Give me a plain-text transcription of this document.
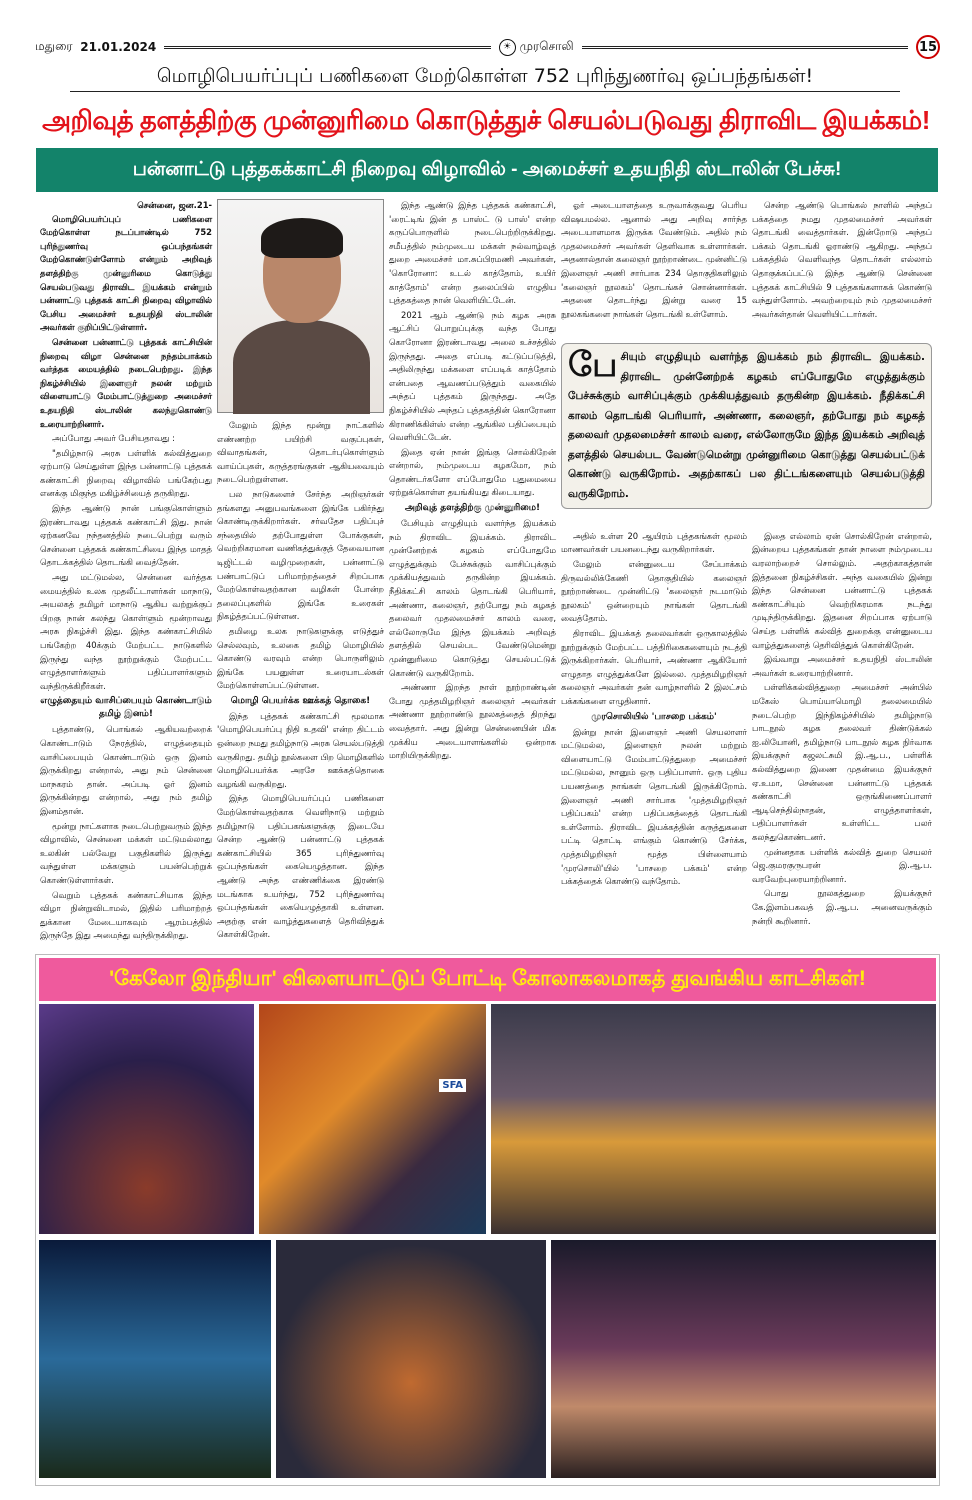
மதுரை
21.01.2024	☀ முரசொலி	15
மொழிபெயர்ப்புப் பணிகளை மேற்கொள்ள 752 புரிந்துணர்வு ஒப்பந்தங்கள்!
அறிவுத் தளத்திற்கு முன்னுரிமை கொடுத்துச் செயல்படுவது திராவிட இயக்கம்!
பன்னாட்டு புத்தகக்காட்சி நிறைவு விழாவில் - அமைச்சர் உதயநிதி ஸ்டாலின் பேச்சு!
சென்னை, ஜன.21-

மொழிபெயர்ப்புப் பணிகளை மேற்கொள்ள நடப்பாண்டில் 752 புரிந்துணர்வு ஒப்பந்தங்கள் மேற்கொண்டுள்ளோம் என்றும் அறிவுத் தளத்திற்கு முன்னுரிமை கொடுத்து செயல்படுவது திராவிட இயக்கம் என்றும் பன்னாட்டு புத்தகக் காட்சி நிறைவு விழாவில் பேசிய அமைச்சர் உதயநிதி ஸ்டாலின் அவர்கள் குறிப்பிட்டுள்ளார்.

சென்னை பன்னாட்டு புத்தகக் காட்சியின் நிறைவு விழா சென்னை நந்தம்பாக்கம் வர்த்தக மையத்தில் நடைபெற்றது. இந்த நிகழ்ச்சியில் இளைஞர் நலன் மற்றும் விளையாட்டு மேம்பாட்டுத்துறை அமைச்சர் உதயநிதி ஸ்டாலின் கலந்துகொண்டு உரையாற்றினார்.

அப்போது அவர் பேசியதாவது :

"தமிழ்நாடு அரசு பள்ளிக் கல்வித்துறை ஏற்பாடு செய்துள்ள இந்த பன்னாட்டு புத்தகக் கண்காட்சி நிறைவு விழாவில் பங்கேற்பது எனக்கு மிகுந்த மகிழ்ச்சியைத் தருகிறது.

இந்த ஆண்டு நான் பங்குகொள்ளும் இரண்டாவது புத்தகக் கண்காட்சி இது. நான் ஏற்கனவே நந்தனத்தில் நடைபெற்று வரும் சென்னை புத்தகக் கண்காட்சியை இந்த மாதத் தொடக்கத்தில் தொடங்கி வைத்தேன்.

அது மட்டுமல்ல, சென்னை வர்த்தக மையத்தில் உலக முதலீட்டாளர்கள் மாநாடு, அயலகத் தமிழர் மாநாடு ஆகிய வற்றுக்குப் பிறகு நான் கலந்து கொள்ளும் மூன்றாவது அரசு நிகழ்ச்சி இது. இந்த கண்காட்சியில் பங்கேற்ற 40க்கும் மேற்பட்ட நாடுகளில் இருந்து வந்த நூற்றுக்கும் மேற்பட்ட எழுத்தாளர்களும் பதிப்பாளர்களும் வந்திருக்கிறீர்கள்.

எழுத்தையும் வாசிப்பையும் கொண்டாடும் தமிழ் இனம்!

புத்தாண்டு, பொங்கல் ஆகியவற்றைக் கொண்டாடும் நேரத்தில், எழுத்தையும் வாசிப்பையும் கொண்டாடும் ஒரு இனம் இருக்கிறது என்றால், அது நம் சென்னை மாநகரம் தான். அப்படி ஓர் இனம் இருக்கின்றது என்றால், அது நம் தமிழ் இனம்தான்.

மூன்று நாட்களாக நடைபெற்றுவரும் இந்த விழாவில், சென்னை மக்கள் மட்டுமல்லாது உலகின் பல்வேறு பகுதிகளில் இருந்து வந்துள்ள மக்களும் பயன்பெற்றுக் கொண்டுள்ளார்கள்.

வெறும் புத்தகக் கண்காட்சியாக இந்த விழா நின்றுவிடாமல், இதில் பரிமாற்றத் துக்கான மேடையாகவும் ஆரம்பத்தில் இருந்தே இது அமைந்து வந்திருக்கிறது.

மேலும் இந்த மூன்று நாட்களில் எண்ணற்ற பயிற்சி வகுப்புகள், விவாதங்கள், தொடர்புகொள்ளும் வாய்ப்புகள், கருத்தரங்குகள் ஆகியவையும் நடைபெற்றுள்ளன.

பல நாடுகளைச் சேர்ந்த அறிஞர்கள் தங்களது அனுபவங்களை இங்கே பகிர்ந்து கொண்டிருக்கிறார்கள். சர்வதேச பதிப்புச் சந்தையில் தற்போதுள்ள போக்குகள், வெற்றிகரமான வணிகத்துக்குத் தேவையான டிஜிட்டல் வழிமுறைகள், பன்னாட்டு பண்பாட்டுப் பரிமாற்றத்தைச் சிறப்பாக மேற்கொள்வதற்கான வழிகள் போன்ற தலைப்புகளில் இங்கே உரைகள் நிகழ்த்தப்பட்டுள்ளன.

தமிழை உலக நாடுகளுக்கு எடுத்துச் செல்லவும், உலகை தமிழ் மொழியில் கொண்டு வரவும் என்ற பொருளிலும் இங்கே பயனுள்ள உரையாடல்கள் மேற்கொள்ளப்பட்டுள்ளன.

மொழி பெயர்க்க ஊக்கத் தொகை!

இந்த புத்தகக் கண்காட்சி மூலமாக 'மொழிபெயர்ப்பு நிதி உதவி' என்ற திட்டம் ஒன்றை நமது தமிழ்நாடு அரசு செயல்படுத்தி வருகிறது. தமிழ் நூல்களை பிற மொழிகளில் மொழிபெயர்க்க அரசே ஊக்கத்தொகை வழங்கி வருகிறது.

இந்த மொழிபெயர்ப்புப் பணிகளை மேற்கொள்வதற்காக வெளிநாடு மற்றும் தமிழ்நாடு பதிப்பகங்களுக்கு இடையே சென்ற ஆண்டு பன்னாட்டு புத்தகக் கண்காட்சியில் 365 புரிந்துணர்வு ஒப்பந்தங்கள் கையெழுத்தான. இந்த ஆண்டு அந்த எண்ணிக்கை இரண்டு மடங்காக உயர்ந்து, 752 புரிந்துணர்வு ஒப்பந்தங்கள் கையெழுத்தாகி உள்ளன. அதற்கு என் வாழ்த்துகளைத் தெரிவித்துக் கொள்கிறேன்.

இந்த ஆண்டு இந்த புத்தகக் கண்காட்சி, 'ரைட்டிங் இன் த பாஸ்ட் டு பாஸ்' என்ற கருப்பொருளில் நடைபெற்றிருக்கிறது. சமீபத்தில் நம்முடைய மக்கள் நல்வாழ்வுத் துறை அமைச்சர் மா.சுப்பிரமணி அவர்கள், 'கொரோனா: உடல் காத்தோம், உயிர் காத்தோம்' என்ற தலைப்பில் எழுதிய புத்தகத்தை நான் வெளியிட்டேன்.

2021 ஆம் ஆண்டு நம் கழக அரசு ஆட்சிப் பொறுப்புக்கு வந்த போது கொரோனா இரண்டாவது அலை உச்சத்தில் இருந்தது. அதை எப்படி கட்டுப்படுத்தி, அதிலிருந்து மக்களை எப்படிக் காத்தோம் என்பதை ஆவணப்படுத்தும் வகையில் அந்தப் புத்தகம் இருந்தது. அதே நிகழ்ச்சியில் அந்தப் புத்தகத்தின் கொரோனா கிராணிக்கிள்ஸ் என்ற ஆங்கில பதிப்பையும் வெளியிட்டேன்.

இதை ஏன் நான் இங்கு சொல்கிறேன் என்றால், நம்முடைய கழகமோ, நம் தொண்டர்களோ எப்போதுமே புதுமையை ஏற்றுக்கொள்ள தயங்கியது கிடையாது.

அறிவுத் தளத்திற்கு முன்னுரிமை!

பேசியும் எழுதியும் வளர்ந்த இயக்கம் நம் திராவிட இயக்கம். திராவிட முன்னேற்றக் கழகம் எப்போதுமே எழுத்துக்கும் பேச்சுக்கும் வாசிப்புக்கும் முக்கியத்துவம் தருகின்ற இயக்கம். நீதிக்கட்சி காலம் தொடங்கி பெரியார், அண்ணா, கலைஞர், தற்போது நம் கழகத் தலைவர் முதலமைச்சர் காலம் வரை, எல்லோருமே இந்த இயக்கம் அறிவுத் தளத்தில் செயல்பட வேண்டுமென்று முன்னுரிமை கொடுத்து செயல்பட்டுக் கொண்டு வருகிறோம்.

அண்ணா இறந்த நாள் நூற்றாண்டின் போது முத்தமிழறிஞர் கலைஞர் அவர்கள் அண்ணா நூற்றாண்டு நூலகத்தைத் திறந்து வைத்தார். அது இன்று சென்னையின் மிக முக்கிய அடையாளங்களில் ஒன்றாக மாறியிருக்கிறது.

ஓர் அடையாளத்தை உருவாக்குவது பெரிய விஷயமல்ல. ஆனால் அது அறிவு சார்ந்த அடையாளமாக இருக்க வேண்டும். அதில் நம் முதலமைச்சர் அவர்கள் தெளிவாக உள்ளார்கள். அதனால்தான் கலைஞர் நூற்றாண்டை முன்னிட்டு இளைஞர் அணி சார்பாக 234 தொகுதிகளிலும் 'கலைஞர் நூலகம்' தொடங்கச் சொன்னார்கள். அதனை தொடர்ந்து இன்று வரை 15 நூலகங்களை நாங்கள் தொடங்கி உள்ளோம்.

சென்ற ஆண்டு பொங்கல் நாளில் அந்தப் பக்கத்தை நமது முதலமைச்சர் அவர்கள் தொடங்கி வைத்தார்கள். இன்றோடு அந்தப் பக்கம் தொடங்கி ஓராண்டு ஆகிறது. அந்தப் பக்கத்தில் வெளிவந்த தொடர்கள் எல்லாம் தொகுக்கப்பட்டு இந்த ஆண்டு சென்னை புத்தகக் காட்சியில் 9 புத்தகங்களாகக் கொண்டு வந்துள்ளோம். அவற்றையும் நம் முதலமைச்சர் அவர்கள்தான் வெளியிட்டார்கள்.

பேசியும் எழுதியும் வளர்ந்த இயக்கம் நம் திராவிட இயக்கம். திராவிட முன்னேற்றக் கழகம் எப்போதுமே எழுத்துக்கும் பேச்சுக்கும் வாசிப்புக்கும் முக்கியத்துவம் தருகின்ற இயக்கம். நீதிக்கட்சி காலம் தொடங்கி பெரியார், அண்ணா, கலைஞர், தற்போது நம் கழகத் தலைவர் முதலமைச்சர் காலம் வரை, எல்லோருமே இந்த இயக்கம் அறிவுத் தளத்தில் செயல்பட வேண்டுமென்று முன்னுரிமை கொடுத்து செயல்பட்டுக் கொண்டு வருகிறோம். அதற்காகப் பல திட்டங்களையும் செயல்படுத்தி வருகிறோம்.

அதில் உள்ள 20 ஆயிரம் புத்தகங்கள் மூலம் மாணவர்கள் பயனடைந்து வருகிறார்கள்.

மேலும் என்னுடைய சேப்பாக்கம் திருவல்லிக்கேணி தொகுதியில் கலைஞர் நூற்றாண்டை முன்னிட்டு 'கலைஞர் நடமாடும் நூலகம்' ஒன்றையும் நாங்கள் தொடங்கி வைத்தோம்.

திராவிட இயக்கத் தலைவர்கள் ஒருகாலத்தில் நூற்றுக்கும் மேற்பட்ட பத்திரிகைகளையும் நடத்தி இருக்கிறார்கள். பெரியார், அண்ணா ஆகியோர் எழுதாத எழுத்துக்களே இல்லை. முத்தமிழறிஞர் கலைஞர் அவர்கள் தன் வாழ்நாளில் 2 இலட்சம் பக்கங்களை எழுதினார்.

முரசொலியில் 'பாசறை பக்கம்'

இன்று நான் இளைஞர் அணி செயலாளர் மட்டுமல்ல, இளைஞர் நலன் மற்றும் விளையாட்டு மேம்பாட்டுத்துறை அமைச்சர் மட்டுமல்ல, நானும் ஒரு பதிப்பாளர். ஒரு புதிய பயணத்தை நாங்கள் தொடங்கி இருக்கிறோம். இளைஞர் அணி சார்பாக 'முத்தமிழறிஞர் பதிப்பகம்' என்ற பதிப்பகத்தைத் தொடங்கி உள்ளோம். திராவிட இயக்கத்தின் கருத்துகளை பட்டி தொட்டி எங்கும் கொண்டு சேர்க்க, முத்தமிழறிஞர் மூத்த பிள்ளையாம் 'முரசொலி'யில் 'பாசறை பக்கம்' என்ற பக்கத்தைக் கொண்டு வந்தோம்.

இதை எல்லாம் ஏன் சொல்கிறேன் என்றால், இன்றைய புத்தகங்கள் தான் நாளை நம்முடைய வரலாற்றைச் சொல்லும். அதற்காகத்தான் இத்தனை நிகழ்ச்சிகள். அந்த வகையில் இன்று இந்த சென்னை பன்னாட்டு புத்தகக் கண்காட்சியும் வெற்றிகரமாக நடந்து முடிந்திருக்கிறது. இதனை சிறப்பாக ஏற்பாடு செய்த பள்ளிக் கல்வித் துறைக்கு என்னுடைய வாழ்த்துகளைத் தெரிவித்துக் கொள்கிறேன்.

இவ்வாறு அமைச்சர் உதயநிதி ஸ்டாலின் அவர்கள் உரையாற்றினார்.

பள்ளிக்கல்வித்துறை அமைச்சர் அன்பில் மகேஸ் பொய்யாமொழி தலைமையில் நடைபெற்ற இந்நிகழ்ச்சியில் தமிழ்நாடு பாடநூல் கழக தலைவர் திண்டுக்கல் ஐ.லியோனி, தமிழ்நாடு பாடநூல் கழக நிர்வாக இயக்குநர் கஜலட்சுமி இ.ஆ.ப., பள்ளிக் கல்வித்துறை இணை முதன்மை இயக்குநர் ஏ.உமா, சென்னை பன்னாட்டு புத்தகக் கண்காட்சி ஒருங்கிணைப்பாளர் ஆடிசெந்தில்நாதன், எழுத்தாளர்கள், பதிப்பாளர்கள் உள்ளிட்ட பலர் கலந்துகொண்டனர்.

முன்னதாக பள்ளிக் கல்வித் துறை செயலர் ஜெ.குமரகுருபரன் இ.ஆ.ப. வரவேற்புரையாற்றினார்.

பொது நூலகத்துறை இயக்குநர் கே.இளம்பகவத் இ.ஆ.ப. அனைவருக்கும் நன்றி கூறினார்.

'கேலோ இந்தியா' விளையாட்டுப் போட்டி கோலாகலமாகத் துவங்கிய காட்சிகள்!
SFA
